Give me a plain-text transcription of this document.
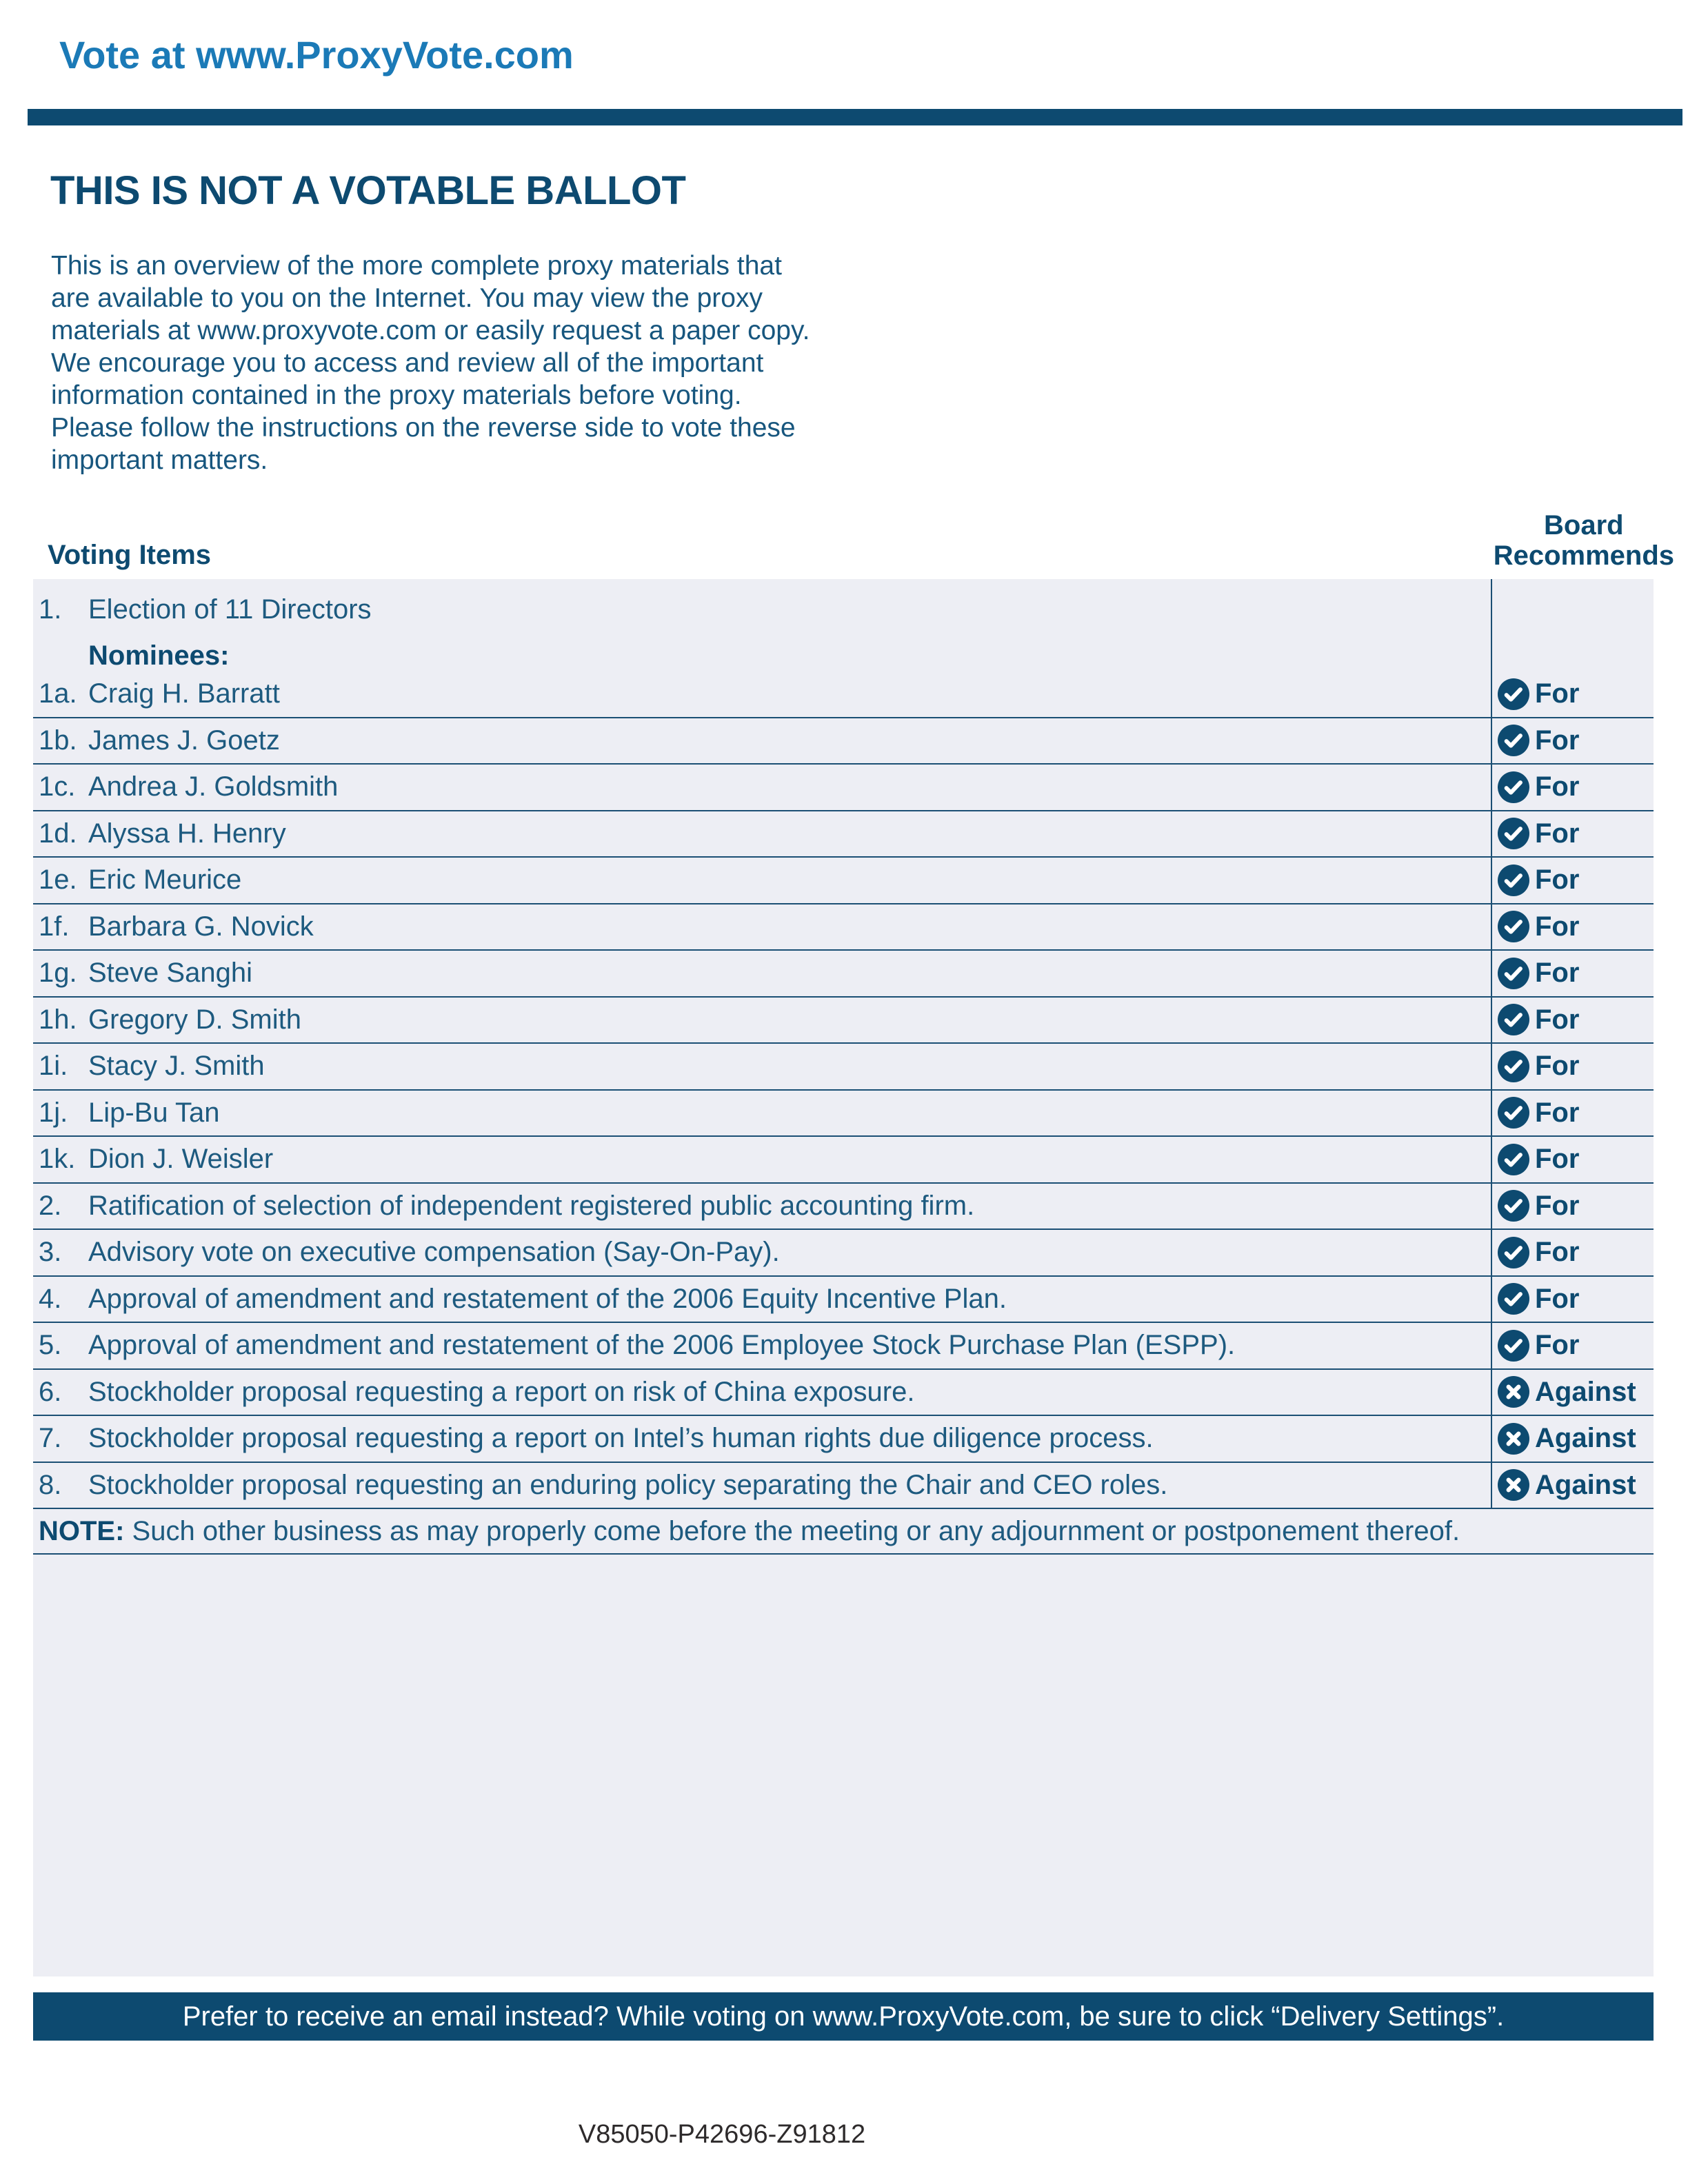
Vote at www.ProxyVote.com
THIS IS NOT A VOTABLE BALLOT
This is an overview of the more complete proxy materials that
are available to you on the Internet. You may view the proxy
materials at www.proxyvote.com or easily request a paper copy.
We encourage you to access and review all of the important
information contained in the proxy materials before voting.
Please follow the instructions on the reverse side to vote these
important matters.
Voting Items
Board
Recommends
1. Election of 11 Directors
Nominees:
1a. Craig H. Barratt	For
1b. James J. Goetz	For
1c. Andrea J. Goldsmith	For
1d. Alyssa H. Henry	For
1e. Eric Meurice	For
1f. Barbara G. Novick	For
1g. Steve Sanghi	For
1h. Gregory D. Smith	For
1i. Stacy J. Smith	For
1j. Lip-Bu Tan	For
1k. Dion J. Weisler	For
2. Ratification of selection of independent registered public accounting firm.	For
3. Advisory vote on executive compensation (Say-On-Pay).	For
4. Approval of amendment and restatement of the 2006 Equity Incentive Plan.	For
5. Approval of amendment and restatement of the 2006 Employee Stock Purchase Plan (ESPP).	For
6. Stockholder proposal requesting a report on risk of China exposure.	Against
7. Stockholder proposal requesting a report on Intel’s human rights due diligence process.	Against
8. Stockholder proposal requesting an enduring policy separating the Chair and CEO roles.	Against
NOTE: Such other business as may properly come before the meeting or any adjournment or postponement thereof.
Prefer to receive an email instead? While voting on www.ProxyVote.com, be sure to click “Delivery Settings”.
V85050-P42696-Z91812
